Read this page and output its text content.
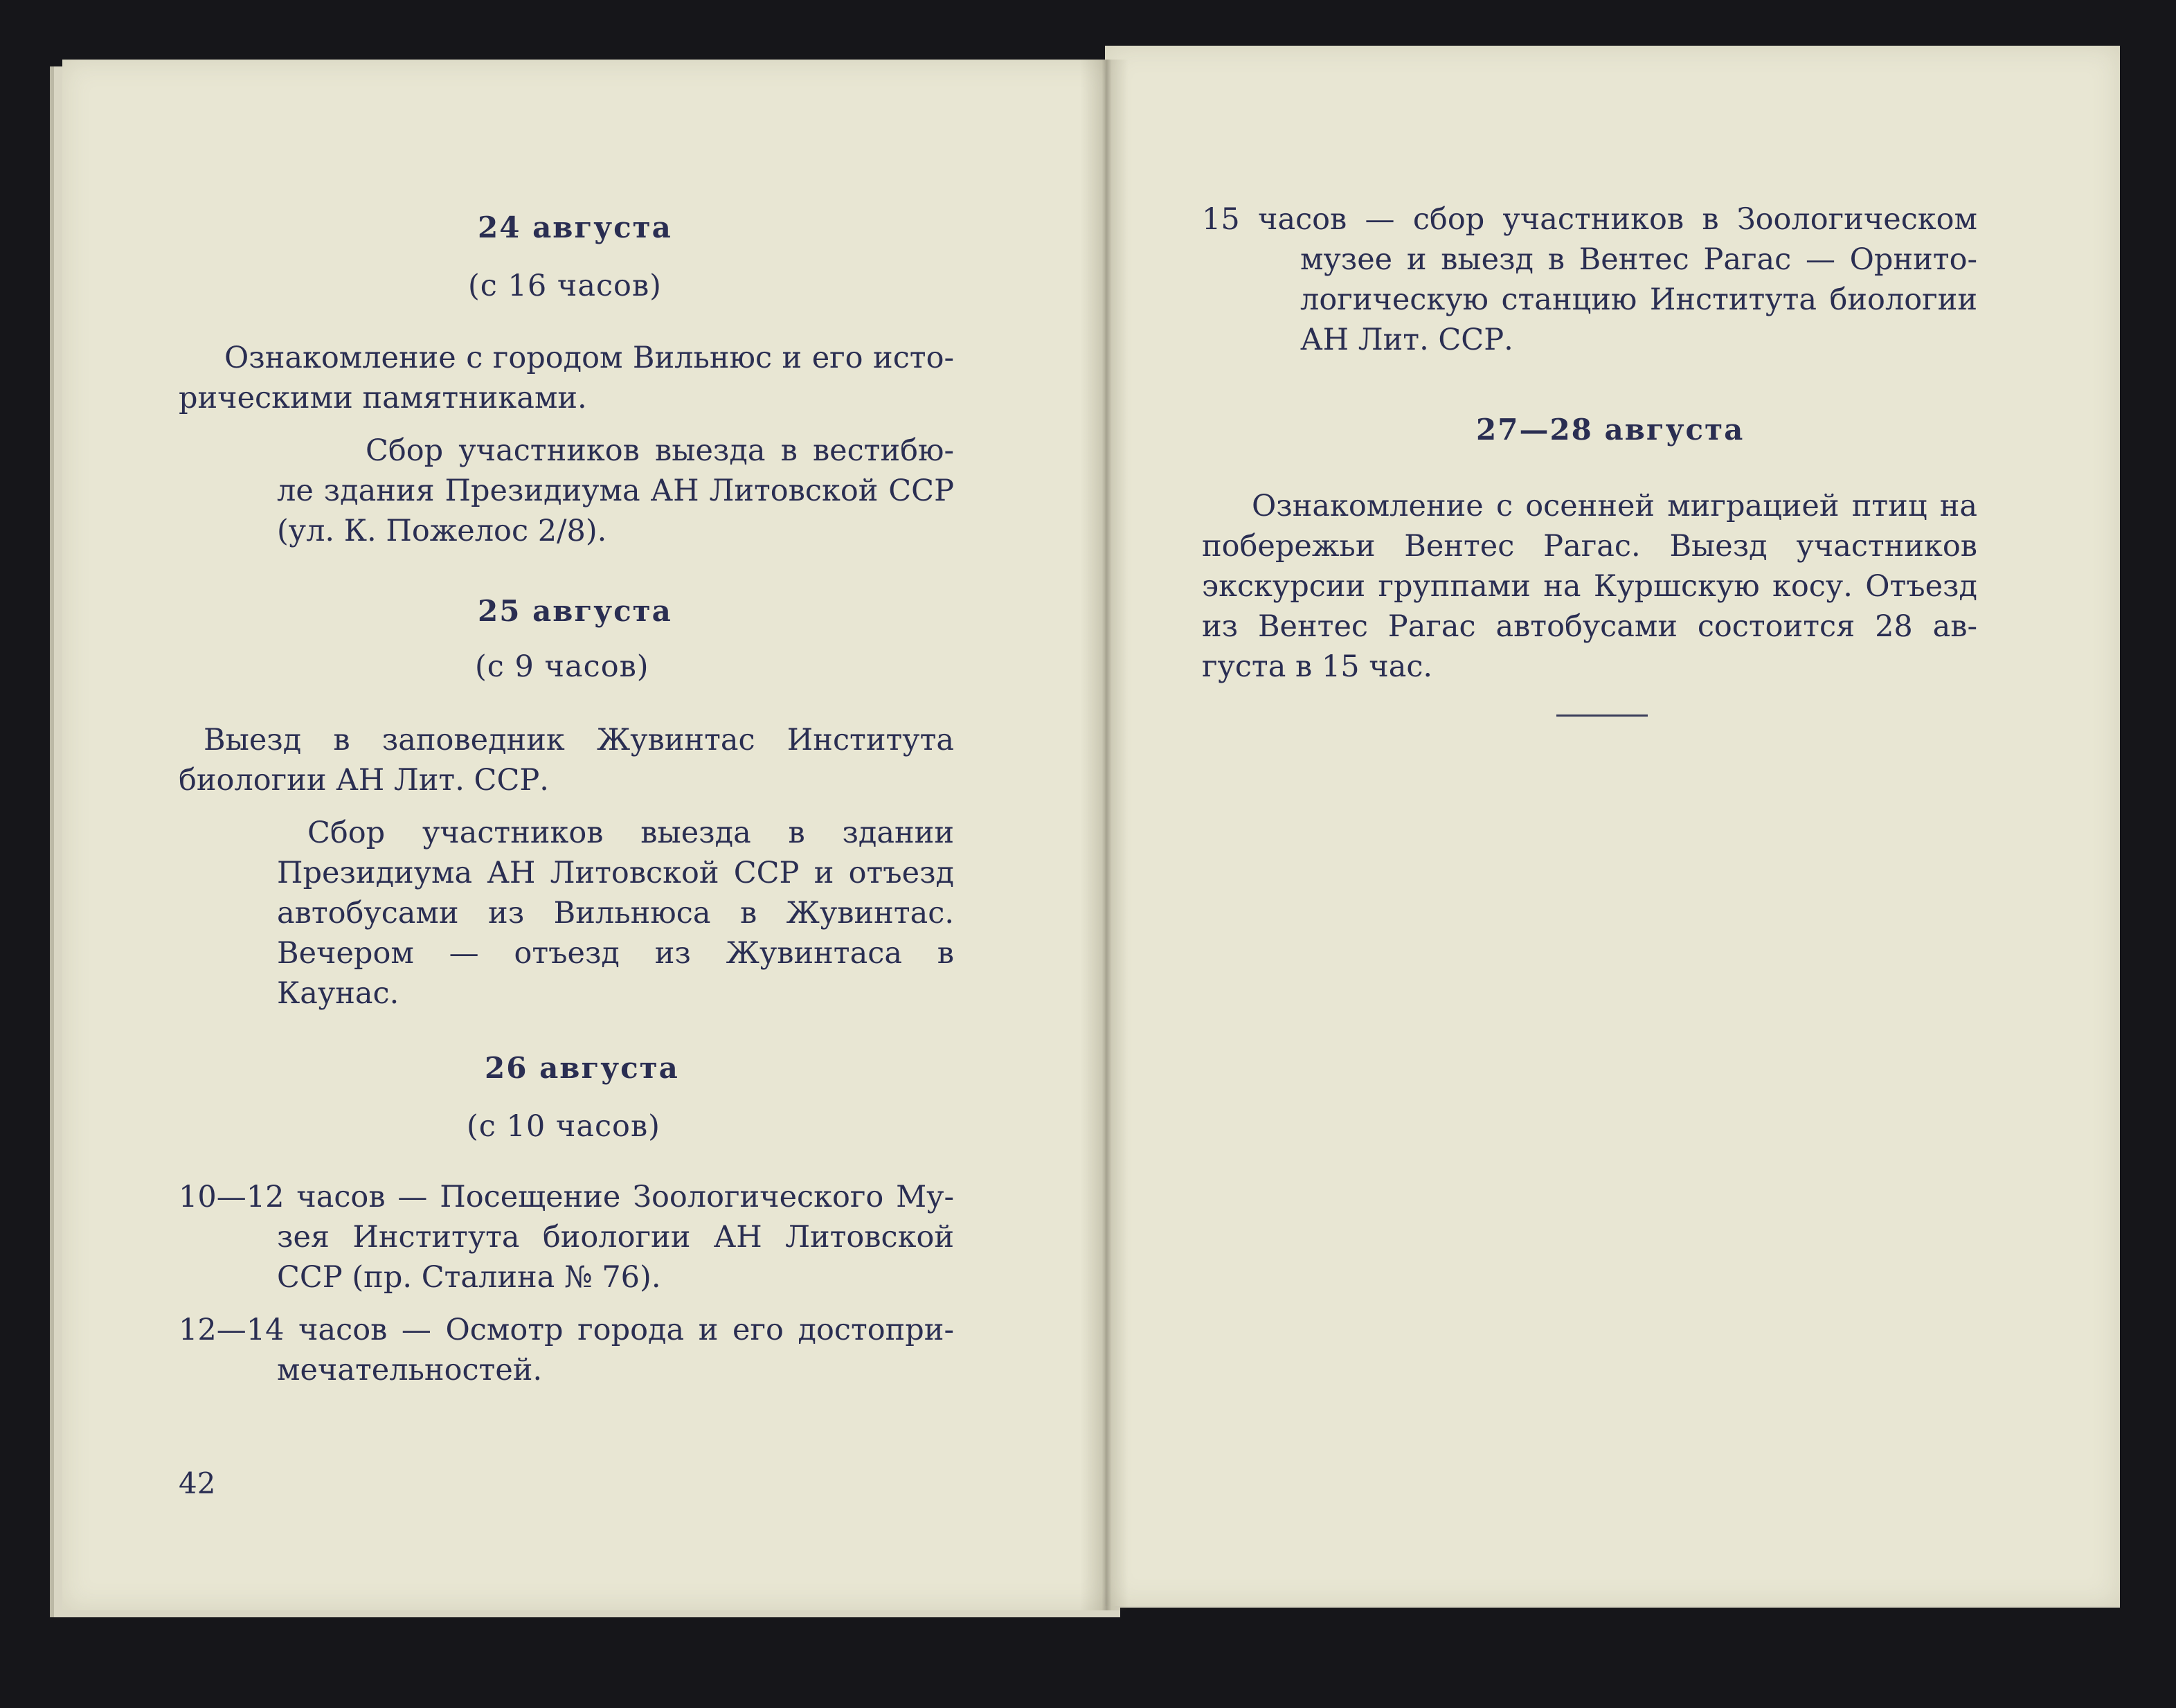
24 августа
(с 16 часов)
Ознакомление с городом Вильнюс и его исто-
рическими памятниками.
Сбор участников выезда в вестибю-
ле здания Президиума АН Литовской ССР
(ул. К. Пожелос 2/8).
25 августа
(с 9 часов)
Выезд в заповедник Жувинтас Института
биологии АН Лит. ССР.
Сбор участников выезда в здании
Президиума АН Литовской ССР и отъезд
автобусами из Вильнюса в Жувинтас.
Вечером — отъезд из Жувинтаса в
Каунас.
26 августа
(с 10 часов)
10—12 часов — Посещение Зоологического Му-
зея Института биологии АН Литовской
ССР (пр. Сталина № 76).
12—14 часов — Осмотр города и его достопри-
мечательностей.
42
15 часов — сбор участников в Зоологическом
музее и выезд в Вентес Рагас — Орнито-
логическую станцию Института биологии
АН Лит. ССР.
27—28 августа
Ознакомление с осенней миграцией птиц на
побережьи Вентес Рагас. Выезд участников
экскурсии группами на Куршскую косу. Отъезд
из Вентес Рагас автобусами состоится 28 ав-
густа в 15 час.
